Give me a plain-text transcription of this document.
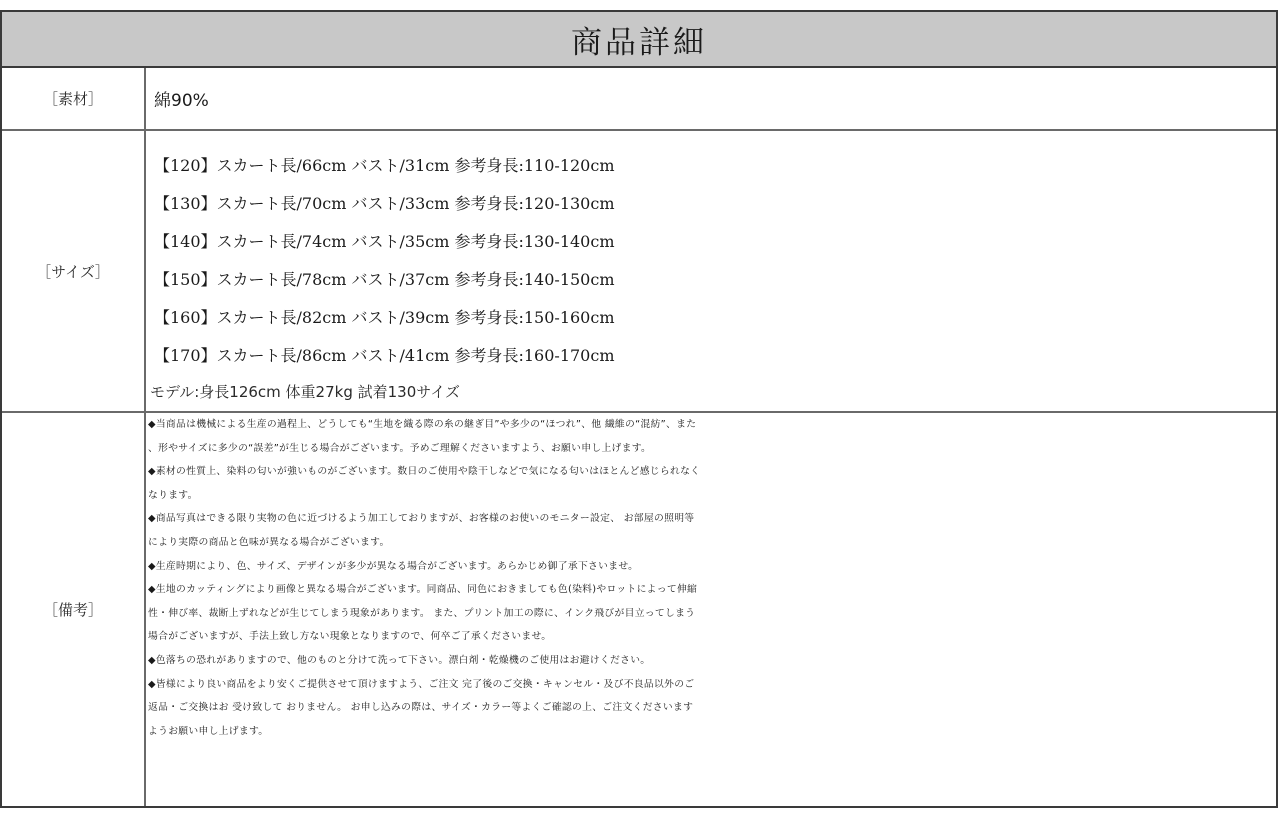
商品詳細
［素材］	綿90%
［サイズ］
【120】スカート長/66cm バスト/31cm 参考身長:110-120cm
【130】スカート長/70cm バスト/33cm 参考身長:120-130cm
【140】スカート長/74cm バスト/35cm 参考身長:130-140cm
【150】スカート長/78cm バスト/37cm 参考身長:140-150cm
【160】スカート長/82cm バスト/39cm 参考身長:150-160cm
【170】スカート長/86cm バスト/41cm 参考身長:160-170cm
モデル:身長126cm 体重27kg 試着130サイズ
［備考］
◆当商品は機械による生産の過程上、どうしても“生地を織る際の糸の継ぎ目”や多少の“ほつれ”、他 繊維の“混紡”、また
、形やサイズに多少の“誤差”が生じる場合がございます。予めご理解くださいますよう、お願い申し上げます。
◆素材の性質上、染料の匂いが強いものがございます。数日のご使用や陰干しなどで気になる匂いはほとんど感じられなく
なります。
◆商品写真はできる限り実物の色に近づけるよう加工しておりますが、お客様のお使いのモニター設定、 お部屋の照明等
により実際の商品と色味が異なる場合がございます。
◆生産時期により、色、サイズ、デザインが多少が異なる場合がございます。あらかじめ御了承下さいませ。
◆生地のカッティングにより画像と異なる場合がございます。同商品、同色におきましても色(染料)やロットによって伸縮
性・伸び率、裁断上ずれなどが生じてしまう現象があります。 また、プリント加工の際に、インク飛びが目立ってしまう
場合がございますが、手法上致し方ない現象となりますので、何卒ご了承くださいませ。
◆色落ちの恐れがありますので、他のものと分けて洗って下さい。漂白剤・乾燥機のご使用はお避けください。
◆皆様により良い商品をより安くご提供させて頂けますよう、ご注文 完了後のご交換・キャンセル・及び不良品以外のご
返品・ご交換はお 受け致して おりません。 お申し込みの際は、サイズ・カラー等よくご確認の上、ご注文くださいます
ようお願い申し上げます。
